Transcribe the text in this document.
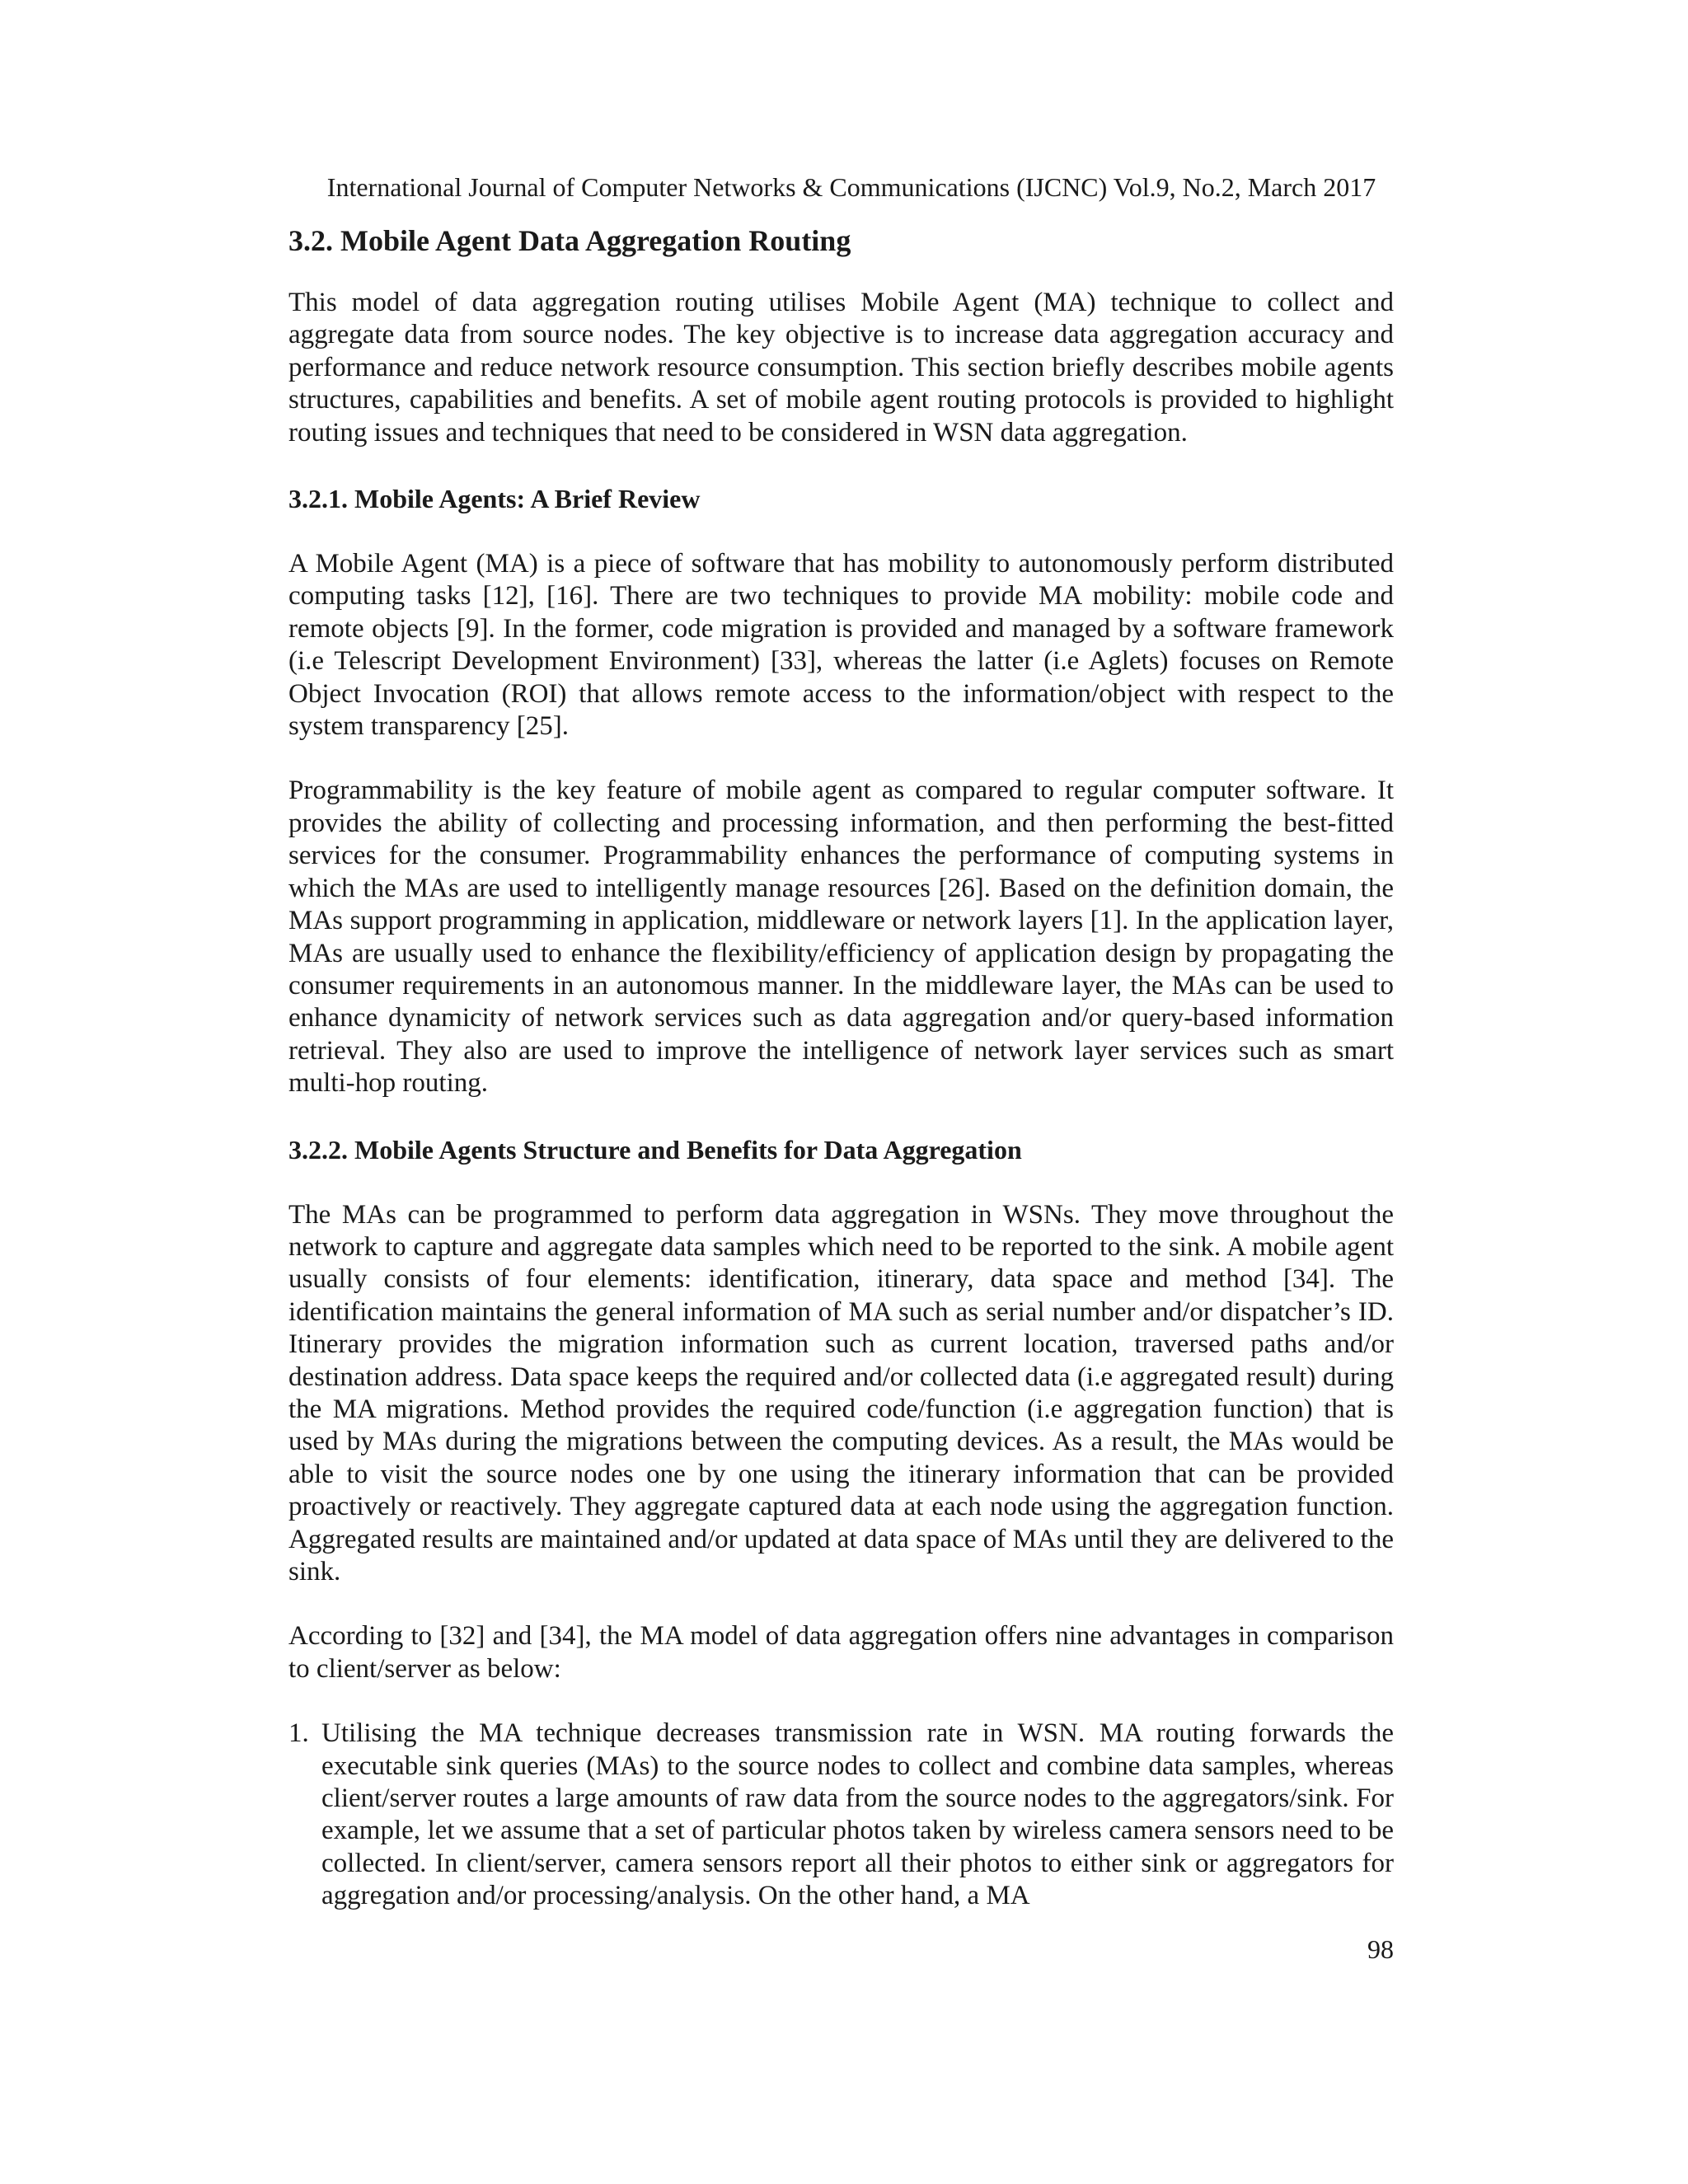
International Journal of Computer Networks & Communications (IJCNC) Vol.9, No.2, March 2017
3.2. Mobile Agent Data Aggregation Routing

This model of data aggregation routing utilises Mobile Agent (MA) technique to collect and aggregate data from source nodes. The key objective is to increase data aggregation accuracy and performance and reduce network resource consumption. This section briefly describes mobile agents structures, capabilities and benefits. A set of mobile agent routing protocols is provided to highlight routing issues and techniques that need to be considered in WSN data aggregation.

3.2.1. Mobile Agents: A Brief Review

A Mobile Agent (MA) is a piece of software that has mobility to autonomously perform distributed computing tasks [12], [16]. There are two techniques to provide MA mobility: mobile code and remote objects [9]. In the former, code migration is provided and managed by a software framework (i.e Telescript Development Environment) [33], whereas the latter (i.e Aglets) focuses on Remote Object Invocation (ROI) that allows remote access to the information/object with respect to the system transparency [25].

Programmability is the key feature of mobile agent as compared to regular computer software. It provides the ability of collecting and processing information, and then performing the best-fitted services for the consumer. Programmability enhances the performance of computing systems in which the MAs are used to intelligently manage resources [26]. Based on the definition domain, the MAs support programming in application, middleware or network layers [1]. In the application layer, MAs are usually used to enhance the flexibility/efficiency of application design by propagating the consumer requirements in an autonomous manner. In the middleware layer, the MAs can be used to enhance dynamicity of network services such as data aggregation and/or query-based information retrieval. They also are used to improve the intelligence of network layer services such as smart multi-hop routing.

3.2.2. Mobile Agents Structure and Benefits for Data Aggregation

The MAs can be programmed to perform data aggregation in WSNs. They move throughout the network to capture and aggregate data samples which need to be reported to the sink. A mobile agent usually consists of four elements: identification, itinerary, data space and method [34]. The identification maintains the general information of MA such as serial number and/or dispatcher’s ID. Itinerary provides the migration information such as current location, traversed paths and/or destination address. Data space keeps the required and/or collected data (i.e aggregated result) during the MA migrations. Method provides the required code/function (i.e aggregation function) that is used by MAs during the migrations between the computing devices. As a result, the MAs would be able to visit the source nodes one by one using the itinerary information that can be provided proactively or reactively. They aggregate captured data at each node using the aggregation function. Aggregated results are maintained and/or updated at data space of MAs until they are delivered to the sink.

According to [32] and [34], the MA model of data aggregation offers nine advantages in comparison to client/server as below:

1. Utilising the MA technique decreases transmission rate in WSN. MA routing forwards the executable sink queries (MAs) to the source nodes to collect and combine data samples, whereas client/server routes a large amounts of raw data from the source nodes to the aggregators/sink. For example, let we assume that a set of particular photos taken by wireless camera sensors need to be collected. In client/server, camera sensors report all their photos to either sink or aggregators for aggregation and/or processing/analysis. On the other hand, a MA
98
